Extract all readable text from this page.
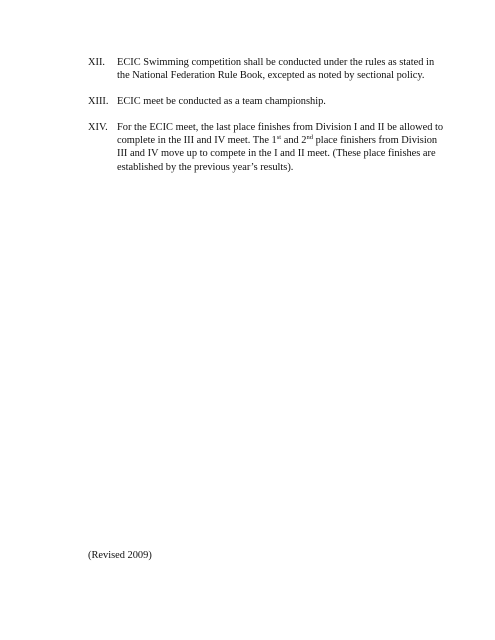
XII. ECIC Swimming competition shall be conducted under the rules as stated in
the National Federation Rule Book, excepted as noted by sectional policy.
XIII. ECIC meet be conducted as a team championship.
XIV. For the ECIC meet, the last place finishes from Division I and II be allowed to
complete in the III and IV meet. The 1st and 2nd place finishers from Division
III and IV move up to compete in the I and II meet. (These place finishes are
established by the previous year’s results).
(Revised 2009)
